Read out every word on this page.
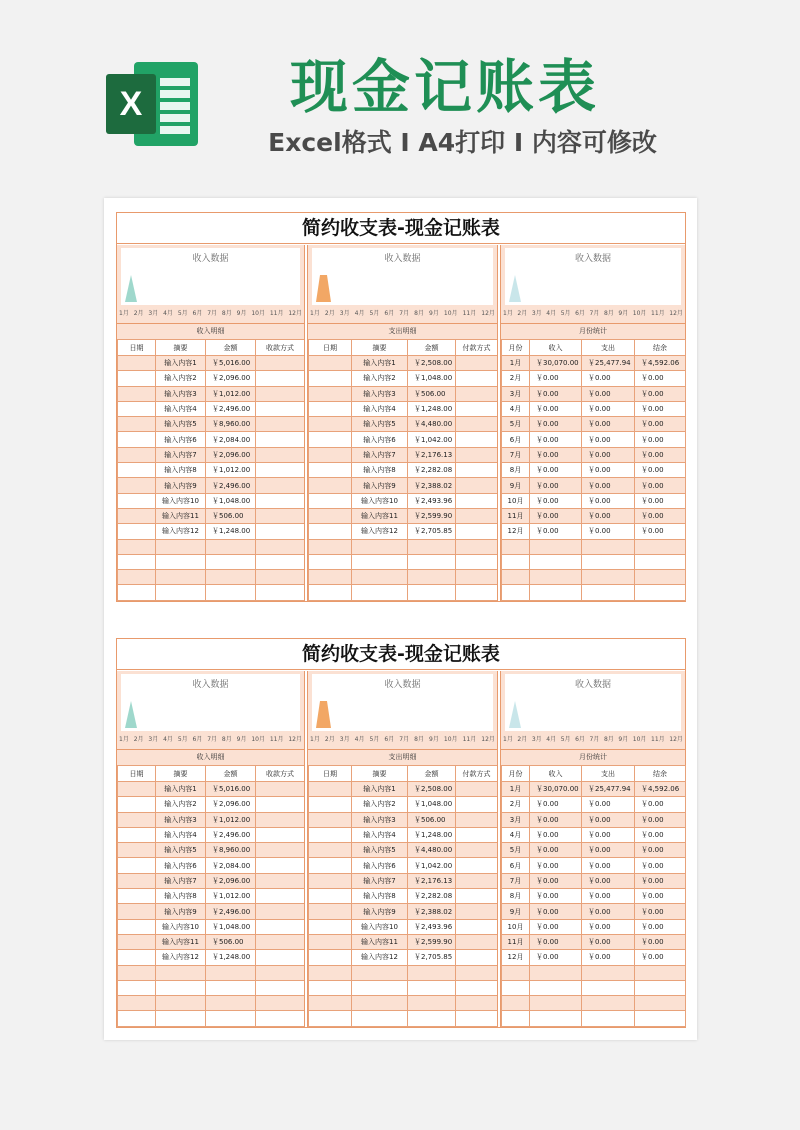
X	现金记账表
Excel格式 I A4打印 I 内容可修改
简约收支表-现金记账表
收入数据
1月 2月 3月 4月 5月 6月 7月 8月 9月 10月 11月 12月
收入数据
1月 2月 3月 4月 5月 6月 7月 8月 9月 10月 11月 12月
收入数据
1月 2月 3月 4月 5月 6月 7月 8月 9月 10月 11月 12月
收入明细	支出明细	月份统计
日期	摘要	金额	收款方式
	输入内容1	￥5,016.00	
	输入内容2	￥2,096.00	
	输入内容3	￥1,012.00	
	输入内容4	￥2,496.00	
	输入内容5	￥8,960.00	
	输入内容6	￥2,084.00	
	输入内容7	￥2,096.00	
	输入内容8	￥1,012.00	
	输入内容9	￥2,496.00	
	输入内容10	￥1,048.00	
	输入内容11	￥506.00	
	输入内容12	￥1,248.00	

日期	摘要	金额	付款方式
	输入内容1	￥2,508.00	
	输入内容2	￥1,048.00	
	输入内容3	￥506.00	
	输入内容4	￥1,248.00	
	输入内容5	￥4,480.00	
	输入内容6	￥1,042.00	
	输入内容7	￥2,176.13	
	输入内容8	￥2,282.08	
	输入内容9	￥2,388.02	
	输入内容10	￥2,493.96	
	输入内容11	￥2,599.90	
	输入内容12	￥2,705.85	

月份	收入	支出	结余
1月	￥30,070.00	￥25,477.94	￥4,592.06
2月	￥0.00	￥0.00	￥0.00
3月	￥0.00	￥0.00	￥0.00
4月	￥0.00	￥0.00	￥0.00
5月	￥0.00	￥0.00	￥0.00
6月	￥0.00	￥0.00	￥0.00
7月	￥0.00	￥0.00	￥0.00
8月	￥0.00	￥0.00	￥0.00
9月	￥0.00	￥0.00	￥0.00
10月	￥0.00	￥0.00	￥0.00
11月	￥0.00	￥0.00	￥0.00
12月	￥0.00	￥0.00	￥0.00

简约收支表-现金记账表
收入数据
1月 2月 3月 4月 5月 6月 7月 8月 9月 10月 11月 12月
收入数据
1月 2月 3月 4月 5月 6月 7月 8月 9月 10月 11月 12月
收入数据
1月 2月 3月 4月 5月 6月 7月 8月 9月 10月 11月 12月
收入明细	支出明细	月份统计
日期	摘要	金额	收款方式
	输入内容1	￥5,016.00	
	输入内容2	￥2,096.00	
	输入内容3	￥1,012.00	
	输入内容4	￥2,496.00	
	输入内容5	￥8,960.00	
	输入内容6	￥2,084.00	
	输入内容7	￥2,096.00	
	输入内容8	￥1,012.00	
	输入内容9	￥2,496.00	
	输入内容10	￥1,048.00	
	输入内容11	￥506.00	
	输入内容12	￥1,248.00	

日期	摘要	金额	付款方式
	输入内容1	￥2,508.00	
	输入内容2	￥1,048.00	
	输入内容3	￥506.00	
	输入内容4	￥1,248.00	
	输入内容5	￥4,480.00	
	输入内容6	￥1,042.00	
	输入内容7	￥2,176.13	
	输入内容8	￥2,282.08	
	输入内容9	￥2,388.02	
	输入内容10	￥2,493.96	
	输入内容11	￥2,599.90	
	输入内容12	￥2,705.85	

月份	收入	支出	结余
1月	￥30,070.00	￥25,477.94	￥4,592.06
2月	￥0.00	￥0.00	￥0.00
3月	￥0.00	￥0.00	￥0.00
4月	￥0.00	￥0.00	￥0.00
5月	￥0.00	￥0.00	￥0.00
6月	￥0.00	￥0.00	￥0.00
7月	￥0.00	￥0.00	￥0.00
8月	￥0.00	￥0.00	￥0.00
9月	￥0.00	￥0.00	￥0.00
10月	￥0.00	￥0.00	￥0.00
11月	￥0.00	￥0.00	￥0.00
12月	￥0.00	￥0.00	￥0.00
